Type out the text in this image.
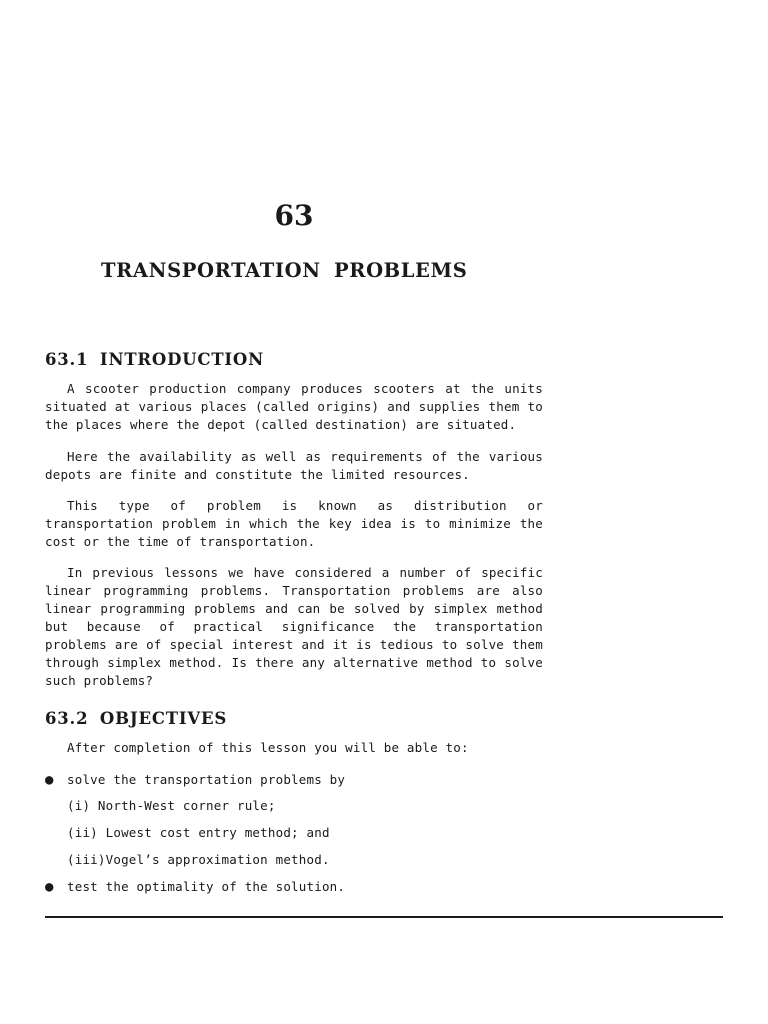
63
TRANSPORTATION PROBLEMS
63.1 INTRODUCTION

A scooter production company produces scooters at the units situated at various places (called origins) and supplies them to the places where the depot (called destination) are situated.

Here the availability as well as requirements of the various depots are finite and constitute the limited resources.

This type of problem is known as distribution or transportation problem in which the key idea is to minimize the cost or the time of transportation.

In previous lessons we have considered a number of specific linear programming problems. Transportation problems are also linear programming problems and can be solved by simplex method but because of practical significance the transportation problems are of special interest and it is tedious to solve them through simplex method. Is there any alternative method to solve such problems?

63.2 OBJECTIVES
After completion of this lesson you will be able to:
● solve the transportation problems by
(i) North-West corner rule;
(ii) Lowest cost entry method; and
(iii)Vogel’s approximation method.
● test the optimality of the solution.
